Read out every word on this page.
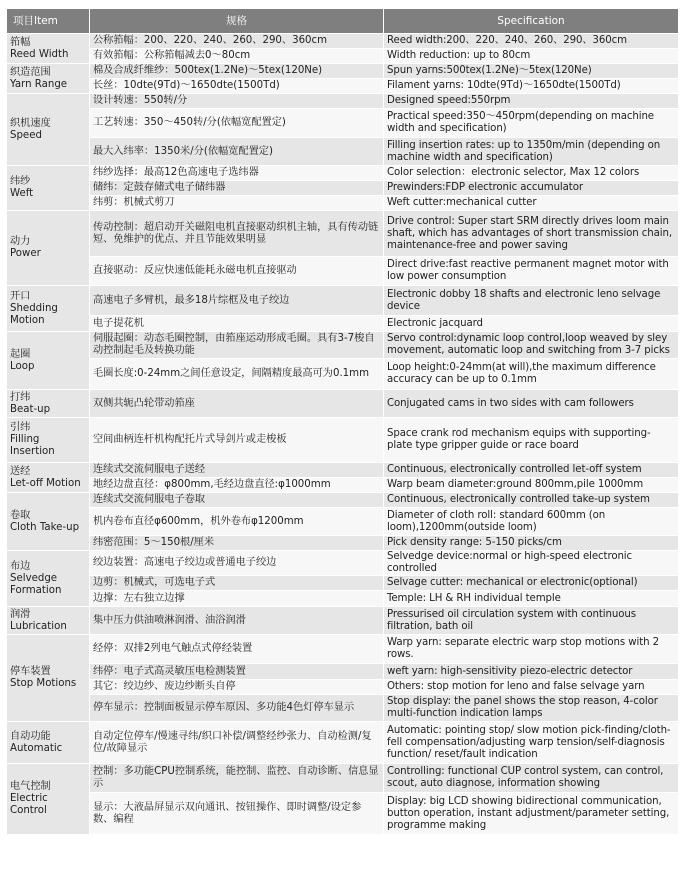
项目Item	规格	Specification
筘幅
Reed Width	公称筘幅：200、220、240、260、290、360cm	Reed width:200、220、240、260、290、360cm
	有效筘幅：公称筘幅减去0～80cm	Width reduction: up to 80cm
织造范围
Yarn Range	棉及合成纤维纱：500tex(1.2Ne)～5tex(120Ne)	Spun yarns:500tex(1.2Ne)～5tex(120Ne)
	长丝：10dte(9Td)～1650dte(1500Td)	Filament yarns: 10dte(9Td)～1650dte(1500Td)
织机速度
Speed	设计转速：550转/分	Designed speed:550rpm
	工艺转速：350～450转/分(依幅宽配置定)	Practical speed:350～450rpm(depending on machine width and specification)
	最大入纬率：1350米/分(依幅宽配置定)	Filling insertion rates: up to 1350m/min (depending on machine width and specification)
纬纱
Weft	纬纱选择：最高12色高速电子选纬器	Color selection：electronic selector, Max 12 colors
	储纬：定鼓存储式电子储纬器	Prewinders:FDP electronic accumulator
	纬剪：机械式剪刀	Weft cutter:mechanical cutter
动力
Power	传动控制：超启动开关磁阻电机直接驱动织机主轴，具有传动链短、免维护的优点、并且节能效果明显	Drive control: Super start SRM directly drives loom main shaft, which has advantages of short transmission chain, maintenance-free and power saving
	直接驱动：反应快速低能耗永磁电机直接驱动	Direct drive:fast reactive permanent magnet motor with low power consumption
开口
Shedding
Motion	高速电子多臂机，最多18片综框及电子绞边	Electronic dobby 18 shafts and electronic leno selvage device
	电子提花机	Electronic jacquard
起圈
Loop	伺服起圈：动态毛圈控制，由筘座运动形成毛圈。具有3-7梭自动控制起毛及转换功能	Servo control:dynamic loop control,loop weaved by sley movement, automatic loop and switching from 3-7 picks
	毛圈长度:0-24mm之间任意设定，间隔精度最高可为0.1mm	Loop height:0-24mm(at will),the maximum difference accuracy can be up to 0.1mm
打纬
Beat-up	双侧共轭凸轮带动筘座	Conjugated cams in two sides with cam followers
引纬
Filling
Insertion	空间曲柄连杆机构配托片式导剑片或走梭板	Space crank rod mechanism equips with supporting-plate type gripper guide or race board
送经
Let-off Motion	连续式交流伺服电子送经	Continuous, electronically controlled let-off system
	地经边盘直径：φ800mm,毛经边盘直径:φ1000mm	Warp beam diameter:ground 800mm,pile 1000mm
卷取
Cloth Take-up	连续式交流伺服电子卷取	Continuous, electronically controlled take-up system
	机内卷布直径φ600mm，机外卷布φ1200mm	Diameter of cloth roll: standard 600mm (on loom),1200mm(outside loom)
	纬密范围：5～150根/厘米	Pick density range: 5-150 picks/cm
布边
Selvedge
Formation	绞边装置：高速电子绞边或普通电子绞边	Selvedge device:normal or high-speed electronic controlled
	边剪：机械式，可选电子式	Selvage cutter: mechanical or electronic(optional)
	边撑：左右独立边撑	Temple: LH & RH individual temple
润滑
Lubrication	集中压力供油喷淋润滑、油浴润滑	Pressurised oil circulation system with continuous filtration, bath oil
停车装置
Stop Motions	经停：双排2列电气触点式停经装置	Warp yarn: separate electric warp stop motions with 2 rows.
	纬停：电子式高灵敏压电检测装置	weft yarn: high-sensitivity piezo-electric detector
	其它：绞边纱、废边纱断头自停	Others: stop motion for leno and false selvage yarn
	停车显示：控制面板显示停车原因、多功能4色灯停车显示	Stop display: the panel shows the stop reason, 4-color multi-function indication lamps
自动功能
Automatic	自动定位停车/慢速寻纬/织口补偿/调整经纱张力、自动检测/复位/故障显示	Automatic: pointing stop/ slow motion pick-finding/cloth-fell compensation/adjusting warp tension/self-diagnosis function/ reset/fault indication
电气控制
Electric
Control	控制：多功能CPU控制系统，能控制、监控、自动诊断、信息显示	Controlling: functional CUP control system, can control, scout, auto diagnose, information showing
	显示：大液晶屏显示双向通讯、按钮操作、即时调整/设定参数、编程	Display: big LCD showing bidirectional communication, button operation, instant adjustment/parameter setting, programme making
